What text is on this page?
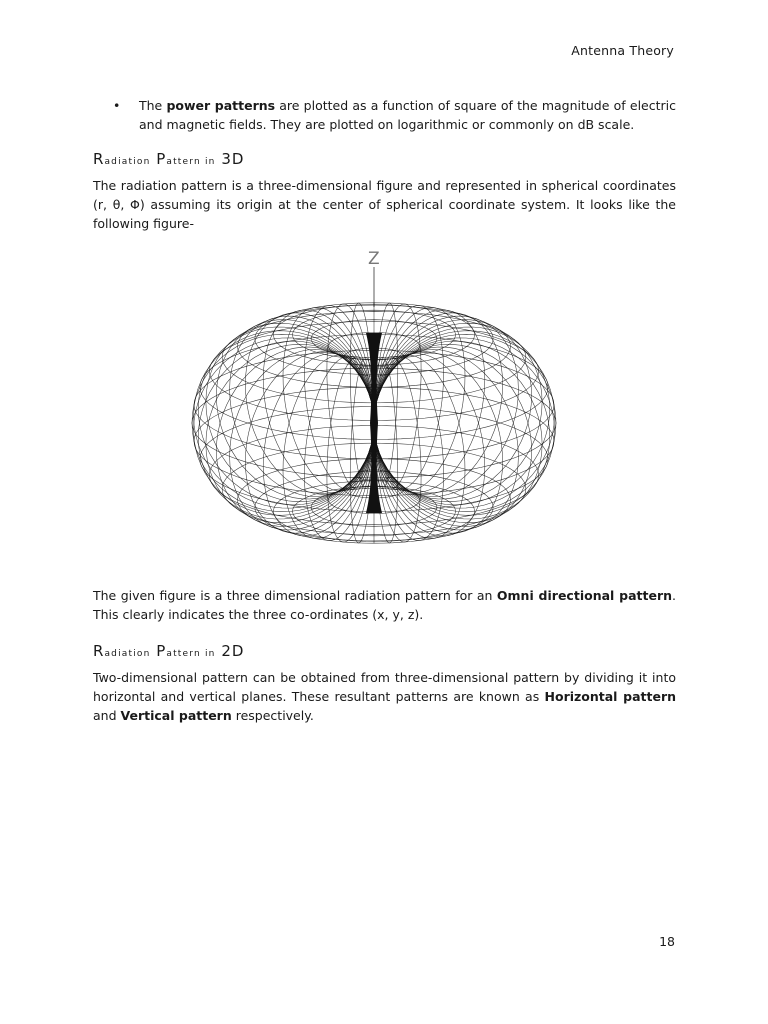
Antenna Theory
•	The power patterns are plotted as a function of square of the magnitude of electric and magnetic fields. They are plotted on logarithmic or commonly on dB scale.
Radiation Pattern in 3D

The radiation pattern is a three-dimensional figure and represented in spherical coordinates (r, θ, Φ) assuming its origin at the center of spherical coordinate system. It looks like the following figure-

Z

The given figure is a three dimensional radiation pattern for an Omni directional pattern. This clearly indicates the three co-ordinates (x, y, z).

Radiation Pattern in 2D

Two-dimensional pattern can be obtained from three-dimensional pattern by dividing it into horizontal and vertical planes. These resultant patterns are known as Horizontal pattern and Vertical pattern respectively.

18
